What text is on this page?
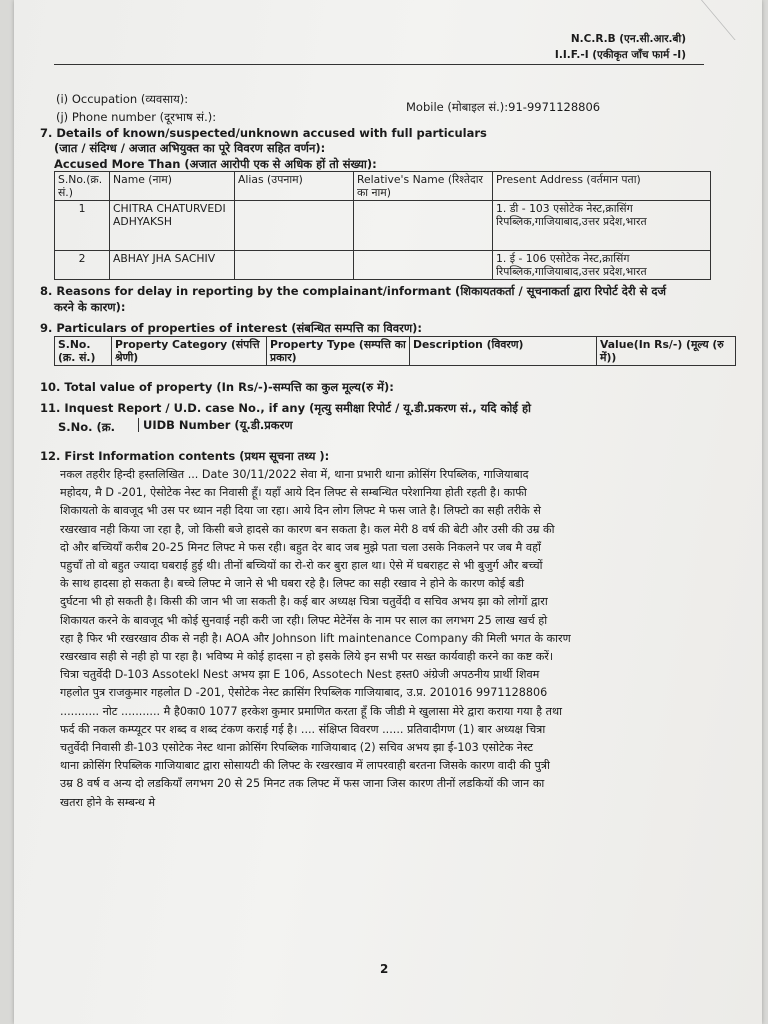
N.C.R.B (एन.सी.आर.बी)
I.I.F.-I (एकीकृत जाँच फार्म -I)
(i) Occupation (व्यवसाय):
(j) Phone number (दूरभाष सं.):
Mobile (मोबाइल सं.):91-9971128806
7. Details of known/suspected/unknown accused with full particulars
(जात / संदिग्ध / अजात अभियुक्त का पूरे विवरण सहित वर्णन):
Accused More Than (अजात आरोपी एक से अधिक हों तो संख्या):
S.No.(क्र. सं.)	Name (नाम)	Alias (उपनाम)	Relative's Name (रिश्तेदार का नाम)	Present Address (वर्तमान पता)
1	CHITRA CHATURVEDI ADHYAKSH			1. डी - 103 एसोटेक नेस्ट,क्रासिंग रिपब्लिक,गाजियाबाद,उत्तर प्रदेश,भारत
2	ABHAY JHA SACHIV			1. ई - 106 एसोटेक नेस्ट,क्रासिंग रिपब्लिक,गाजियाबाद,उत्तर प्रदेश,भारत
8. Reasons for delay in reporting by the complainant/informant (शिकायतकर्ता / सूचनाकर्ता द्वारा रिपोर्ट देरी से दर्ज
करने के कारण):
9. Particulars of properties of interest (संबन्धित सम्पत्ति का विवरण):
S.No. (क्र. सं.)	Property Category (संपत्ति श्रेणी)	Property Type (सम्पत्ति का प्रकार)	Description (विवरण)	Value(In Rs/-) (मूल्य (रु में))
10. Total value of property (In Rs/-)-सम्पत्ति का कुल मूल्य(रु में):
11. Inquest Report / U.D. case No., if any (मृत्यु समीक्षा रिपोर्ट / यू.डी.प्रकरण सं., यदि कोई हो
S.No. (क्र.	UIDB Number (यू.डी.प्रकरण
12. First Information contents (प्रथम सूचना तथ्य ):
नकल तहरीर हिन्दी हस्तलिखित ... Date 30/11/2022 सेवा में, थाना प्रभारी थाना क्रोसिंग रिपब्लिक, गाजियाबाद
महोदय, मै D -201, ऐसोटेक नेस्ट का निवासी हूँ। यहाँ आये दिन लिफ्ट से सम्बन्धित परेशानिया होती रहती है। काफी
शिकायतो के बावजूद भी उस पर ध्यान नही दिया जा रहा। आये दिन लोग लिफ्ट मे फस जाते है। लिफ्टो का सही तरीके से
रखरखाव नही किया जा रहा है, जो किसी बजे हादसे का कारण बन सकता है। कल मेरी 8 वर्ष की बेटी और उसी की उम्र की
दो और बच्चियाँ करीब 20-25 मिनट लिफ्ट मे फस रही। बहुत देर बाद जब मुझे पता चला उसके निकलने पर जब मै वहाँ
पहुचाँ तो वो बहुत ज्यादा घबराई हुई थी। तीनों बच्चियों का रो-रो कर बुरा हाल था। ऐसे में घबराहट से भी बुजुर्ग और बच्चों
के साथ हादसा हो सकता है। बच्चे लिफ्ट मे जाने से भी घबरा रहे है। लिफ्ट का सही रखाव ने होने के कारण कोई बडी
दुर्घटना भी हो सकती है। किसी की जान भी जा सकती है। कई बार अध्यक्ष चित्रा चतुर्वेदी व सचिव अभय झा को लोगों द्वारा
शिकायत करने के बावजूद भी कोई सुनवाई नही करी जा रही। लिफ्ट मेटेनेंस के नाम पर साल का लगभग 25 लाख खर्च हो
रहा है फिर भी रखरखाव ठीक से नही है। AOA और Johnson lift maintenance Company की मिली भगत के कारण
रखरखाव सही से नही हो पा रहा है। भविष्य मे कोई हादसा न हो इसके लिये इन सभी पर सख्त कार्यवाही करने का कष्ट करें।
चित्रा चतुर्वेदी D-103 Assotekl Nest अभय झा E 106, Assotech Nest हस्त0 अंग्रेजी अपठनीय प्रार्थी शिवम
गहलोत पुत्र राजकुमार गहलोत D -201, ऐसोटेक नेस्ट क्रासिंग रिपब्लिक गाजियाबाद, उ.प्र. 201016 9971128806
........... नोट ........... मै है0का0 1077 हरकेश कुमार प्रमाणित करता हूँ कि जीडी मे खुलासा मेरे द्वारा कराया गया है तथा
फर्द की नकल कम्प्यूटर पर शब्द व शब्द टंकण कराई गई है। .... संक्षिप्त विवरण ...... प्रतिवादीगण (1) बार अध्यक्ष चित्रा
चतुर्वेदी निवासी डी-103 एसोटेक नेस्ट थाना क्रोसिंग रिपब्लिक गाजियाबाद (2) सचिव अभय झा ई-103 एसोटेक नेस्ट
थाना क्रोसिंग रिपब्लिक गाजियाबाट द्वारा सोसायटी की लिफ्ट के रखरखाव में लापरवाही बरतना जिसके कारण वादी की पुत्री
उम्र 8 वर्ष व अन्य दो लडकियाँ लगभग 20 से 25 मिनट तक लिफ्ट में फस जाना जिस कारण तीनों लडकियों की जान का
खतरा होने के सम्बन्ध मे
2
